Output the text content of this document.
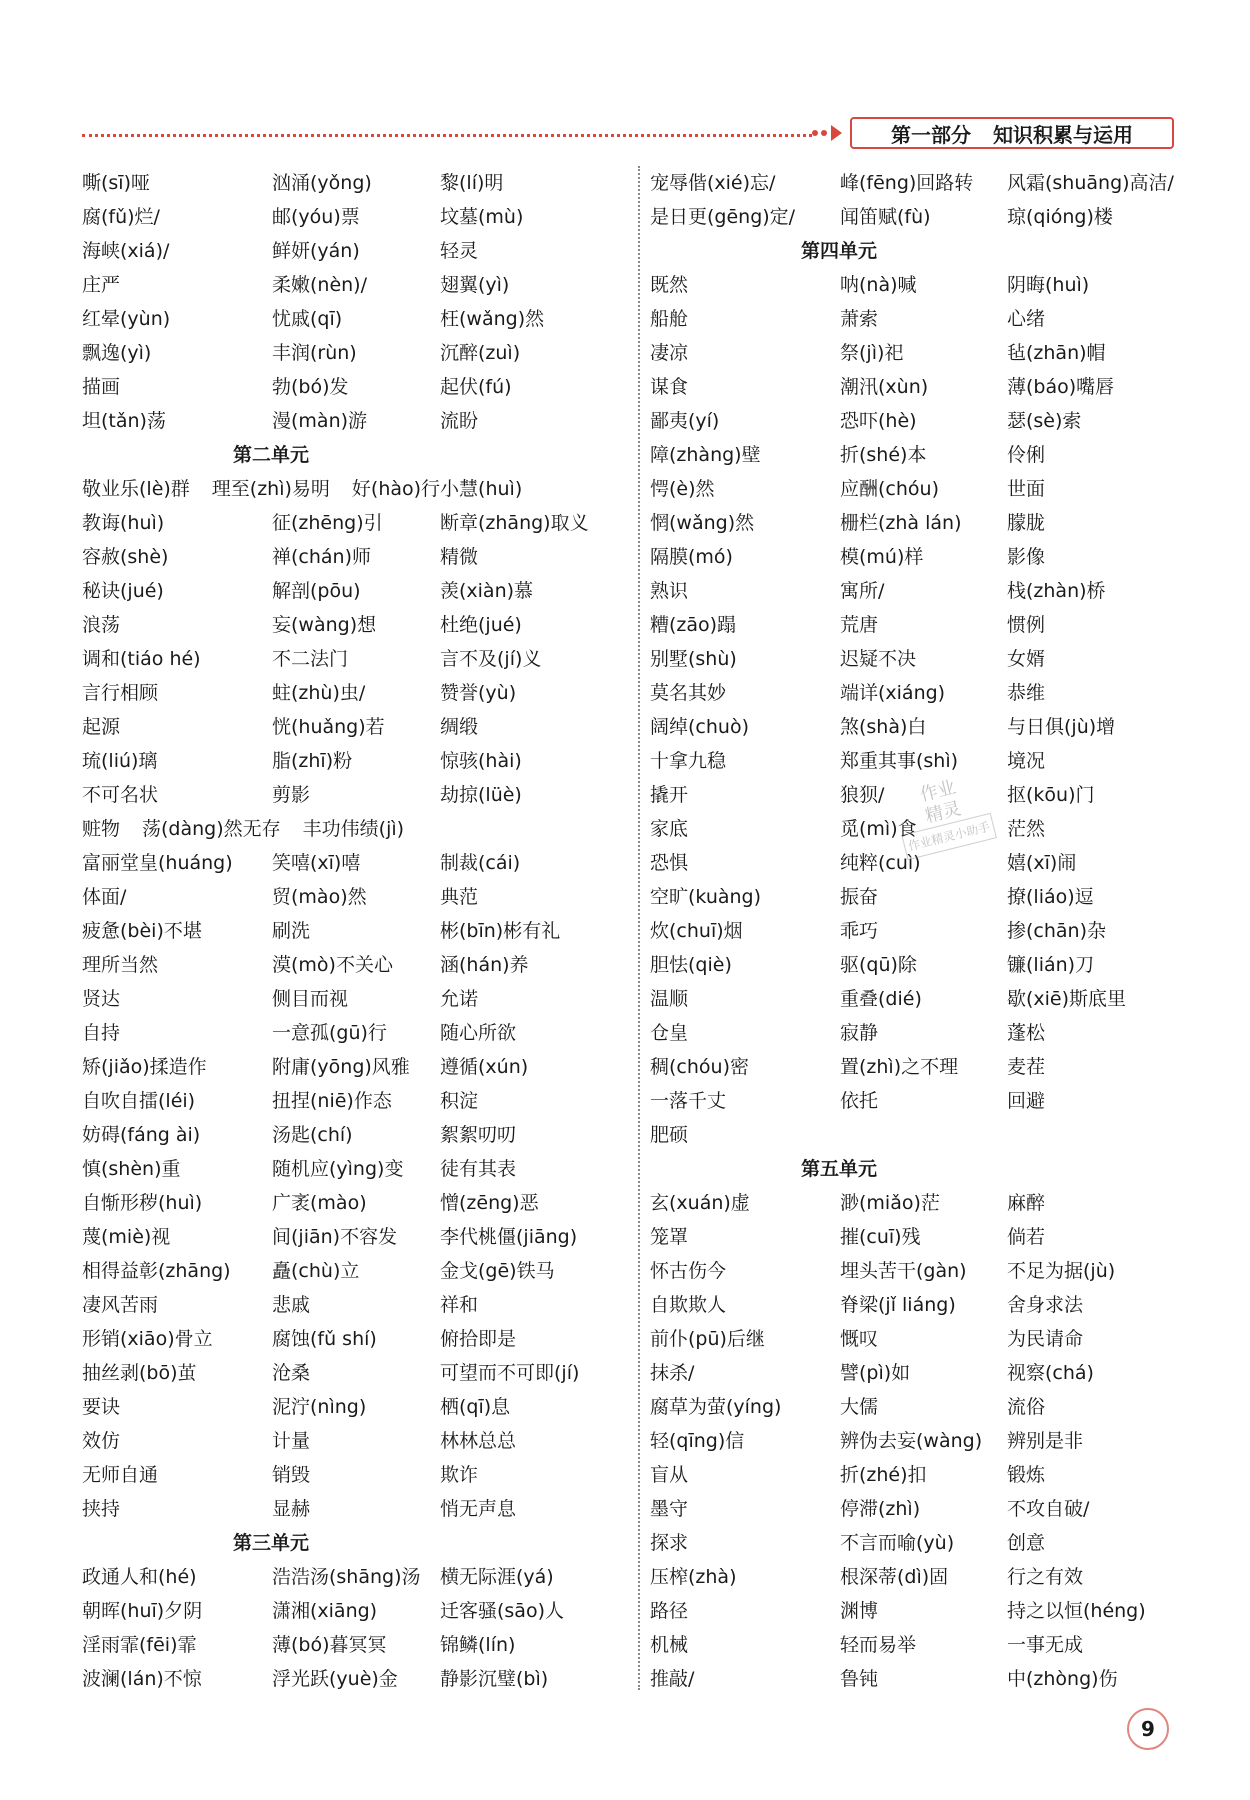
第一部分 知识积累与运用
嘶(sī)哑	汹涌(yǒng)	黎(lí)明
腐(fǔ)烂/	邮(yóu)票	坟墓(mù)
海峡(xiá)/	鲜妍(yán)	轻灵
庄严	柔嫩(nèn)/	翅翼(yì)
红晕(yùn)	忧戚(qī)	枉(wǎng)然
飘逸(yì)	丰润(rùn)	沉醉(zuì)
描画	勃(bó)发	起伏(fú)
坦(tǎn)荡	漫(màn)游	流盼
第二单元
敬业乐(lè)群 理至(zhì)易明 好(hào)行小慧(huì)
教诲(huì)	征(zhēng)引	断章(zhāng)取义
容赦(shè)	禅(chán)师	精微
秘诀(jué)	解剖(pōu)	羡(xiàn)慕
浪荡	妄(wàng)想	杜绝(jué)
调和(tiáo hé)	不二法门	言不及(jí)义
言行相顾	蛀(zhù)虫/	赞誉(yù)
起源	恍(huǎng)若	绸缎
琉(liú)璃	脂(zhī)粉	惊骇(hài)
不可名状	剪影	劫掠(lüè)
赃物 荡(dàng)然无存 丰功伟绩(jì)
富丽堂皇(huáng)	笑嘻(xī)嘻	制裁(cái)
体面/	贸(mào)然	典范
疲惫(bèi)不堪	刷洗	彬(bīn)彬有礼
理所当然	漠(mò)不关心	涵(hán)养
贤达	侧目而视	允诺
自持	一意孤(gū)行	随心所欲
矫(jiǎo)揉造作	附庸(yōng)风雅	遵循(xún)
自吹自擂(léi)	扭捏(niē)作态	积淀
妨碍(fáng ài)	汤匙(chí)	絮絮叨叨
慎(shèn)重	随机应(yìng)变	徒有其表
自惭形秽(huì)	广袤(mào)	憎(zēng)恶
蔑(miè)视	间(jiān)不容发	李代桃僵(jiāng)
相得益彰(zhāng)	矗(chù)立	金戈(gē)铁马
凄风苦雨	悲戚	祥和
形销(xiāo)骨立	腐蚀(fǔ shí)	俯拾即是
抽丝剥(bō)茧	沧桑	可望而不可即(jí)
要诀	泥泞(nìng)	栖(qī)息
效仿	计量	林林总总
无师自通	销毁	欺诈
挟持	显赫	悄无声息
第三单元
政通人和(hé)	浩浩汤(shāng)汤	横无际涯(yá)
朝晖(huī)夕阴	潇湘(xiāng)	迁客骚(sāo)人
淫雨霏(fēi)霏	薄(bó)暮冥冥	锦鳞(lín)
波澜(lán)不惊	浮光跃(yuè)金	静影沉璧(bì)
宠辱偕(xié)忘/	峰(fēng)回路转	风霜(shuāng)高洁/
是日更(gēng)定/	闻笛赋(fù)	琼(qióng)楼
第四单元
既然	呐(nà)喊	阴晦(huì)
船舱	萧索	心绪
凄凉	祭(jì)祀	毡(zhān)帽
谋食	潮汛(xùn)	薄(báo)嘴唇
鄙夷(yí)	恐吓(hè)	瑟(sè)索
障(zhàng)壁	折(shé)本	伶俐
愕(è)然	应酬(chóu)	世面
惘(wǎng)然	栅栏(zhà lán)	朦胧
隔膜(mó)	模(mú)样	影像
熟识	寓所/	栈(zhàn)桥
糟(zāo)蹋	荒唐	惯例
别墅(shù)	迟疑不决	女婿
莫名其妙	端详(xiáng)	恭维
阔绰(chuò)	煞(shà)白	与日俱(jù)增
十拿九稳	郑重其事(shì)	境况
撬开	狼狈/	抠(kōu)门
家底	觅(mì)食	茫然
恐惧	纯粹(cuì)	嬉(xī)闹
空旷(kuàng)	振奋	撩(liáo)逗
炊(chuī)烟	乖巧	掺(chān)杂
胆怯(qiè)	驱(qū)除	镰(lián)刀
温顺	重叠(dié)	歇(xiē)斯底里
仓皇	寂静	蓬松
稠(chóu)密	置(zhì)之不理	麦茬
一落千丈	依托	回避
肥硕
第五单元
玄(xuán)虚	渺(miǎo)茫	麻醉
笼罩	摧(cuī)残	倘若
怀古伤今	埋头苦干(gàn)	不足为据(jù)
自欺欺人	脊梁(jǐ liáng)	舍身求法
前仆(pū)后继	慨叹	为民请命
抹杀/	譬(pì)如	视察(chá)
腐草为萤(yíng)	大儒	流俗
轻(qīng)信	辨伪去妄(wàng)	辨别是非
盲从	折(zhé)扣	锻炼
墨守	停滞(zhì)	不攻自破/
探求	不言而喻(yù)	创意
压榨(zhà)	根深蒂(dì)固	行之有效
路径	渊博	持之以恒(héng)
机械	轻而易举	一事无成
推敲/	鲁钝	中(zhòng)伤
作业
精灵
作业精灵小助手
9
